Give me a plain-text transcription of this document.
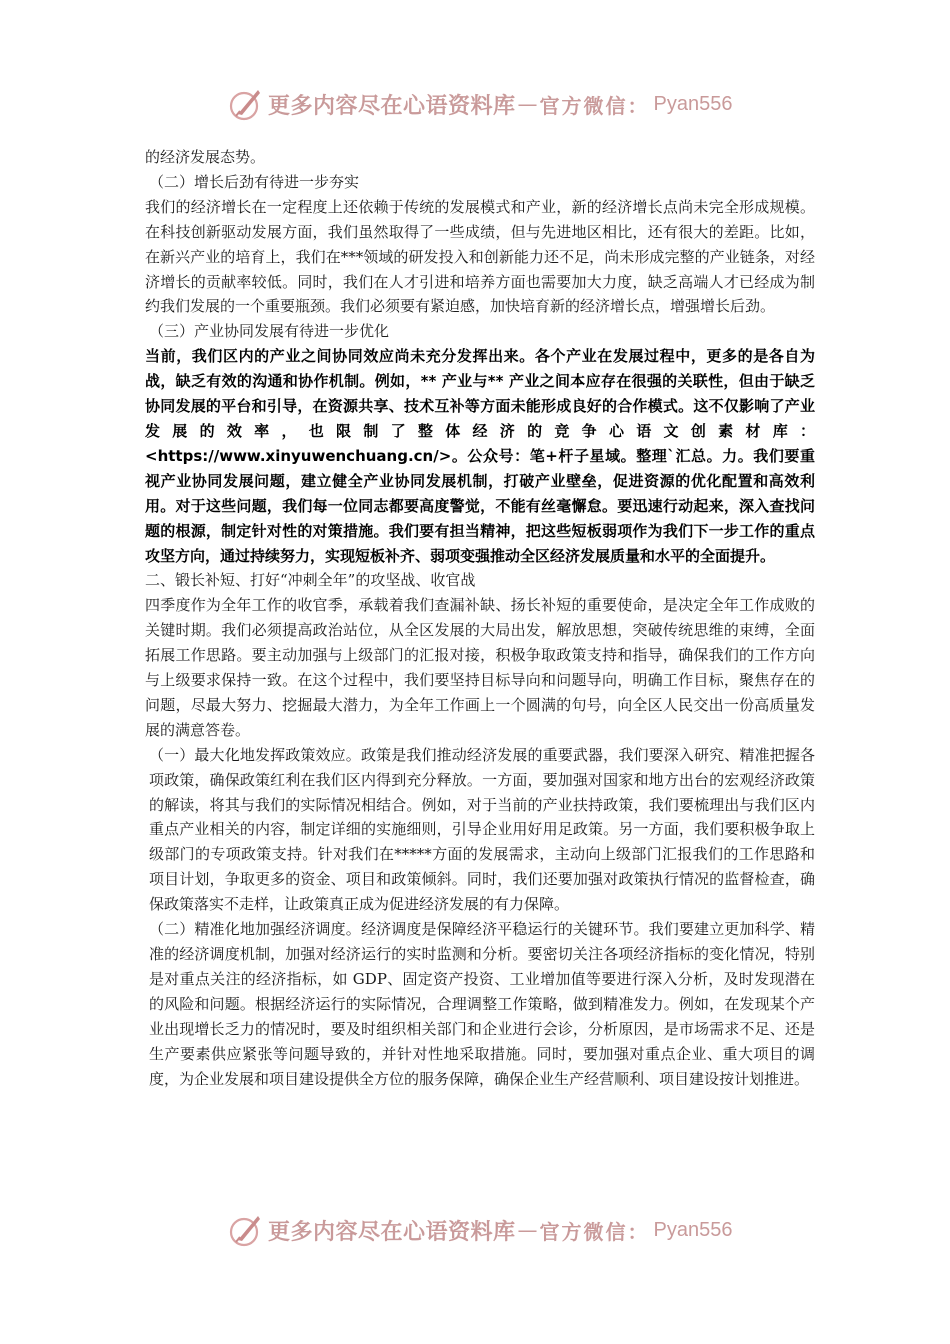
更多内容尽在心语资料库 — 官方微信： Pyan556

的经济发展态势。

（二）增长后劲有待进一步夯实

我们的经济增长在一定程度上还依赖于传统的发展模式和产业，新的经济增长点尚未完全形成规模。在科技创新驱动发展方面，我们虽然取得了一些成绩，但与先进地区相比，还有很大的差距。比如，在新兴产业的培育上，我们在***领域的研发投入和创新能力还不足，尚未形成完整的产业链条，对经济增长的贡献率较低。同时，我们在人才引进和培养方面也需要加大力度，缺乏高端人才已经成为制约我们发展的一个重要瓶颈。我们必须要有紧迫感，加快培育新的经济增长点，增强增长后劲。

（三）产业协同发展有待进一步优化

当前，我们区内的产业之间协同效应尚未充分发挥出来。各个产业在发展过程中，更多的是各自为战，缺乏有效的沟通和协作机制。例如，** 产业与** 产业之间本应存在很强的关联性，但由于缺乏协同发展的平台和引导，在资源共享、技术互补等方面未能形成良好的合作模式。这不仅影响了产业发展的效率，也限制了整体经济的竞争心语文创素材库：<https://www.xinyuwenchuang.cn/>。公众号：笔+杆子星域。整理`汇总。力。我们要重视产业协同发展问题，建立健全产业协同发展机制，打破产业壁垒，促进资源的优化配置和高效利用。对于这些问题，我们每一位同志都要高度警觉，不能有丝毫懈怠。要迅速行动起来，深入查找问题的根源，制定针对性的对策措施。我们要有担当精神，把这些短板弱项作为我们下一步工作的重点攻坚方向，通过持续努力，实现短板补齐、弱项变强推动全区经济发展质量和水平的全面提升。

二、锻长补短、打好“冲刺全年”的攻坚战、收官战

四季度作为全年工作的收官季，承载着我们查漏补缺、扬长补短的重要使命，是决定全年工作成败的关键时期。我们必须提高政治站位，从全区发展的大局出发，解放思想，突破传统思维的束缚，全面拓展工作思路。要主动加强与上级部门的汇报对接，积极争取政策支持和指导，确保我们的工作方向与上级要求保持一致。在这个过程中，我们要坚持目标导向和问题导向，明确工作目标，聚焦存在的问题，尽最大努力、挖掘最大潜力，为全年工作画上一个圆满的句号，向全区人民交出一份高质量发展的满意答卷。

（一）最大化地发挥政策效应。政策是我们推动经济发展的重要武器，我们要深入研究、精准把握各项政策，确保政策红利在我们区内得到充分释放。一方面，要加强对国家和地方出台的宏观经济政策的解读，将其与我们的实际情况相结合。例如，对于当前的产业扶持政策，我们要梳理出与我们区内重点产业相关的内容，制定详细的实施细则，引导企业用好用足政策。另一方面，我们要积极争取上级部门的专项政策支持。针对我们在*****方面的发展需求，主动向上级部门汇报我们的工作思路和项目计划，争取更多的资金、项目和政策倾斜。同时，我们还要加强对政策执行情况的监督检查，确保政策落实不走样，让政策真正成为促进经济发展的有力保障。

（二）精准化地加强经济调度。经济调度是保障经济平稳运行的关键环节。我们要建立更加科学、精准的经济调度机制，加强对经济运行的实时监测和分析。要密切关注各项经济指标的变化情况，特别是对重点关注的经济指标，如 GDP、固定资产投资、工业增加值等要进行深入分析，及时发现潜在的风险和问题。根据经济运行的实际情况，合理调整工作策略，做到精准发力。例如，在发现某个产业出现增长乏力的情况时，要及时组织相关部门和企业进行会诊，分析原因，是市场需求不足、还是生产要素供应紧张等问题导致的，并针对性地采取措施。同时，要加强对重点企业、重大项目的调度，为企业发展和项目建设提供全方位的服务保障，确保企业生产经营顺利、项目建设按计划推进。

更多内容尽在心语资料库 — 官方微信： Pyan556
